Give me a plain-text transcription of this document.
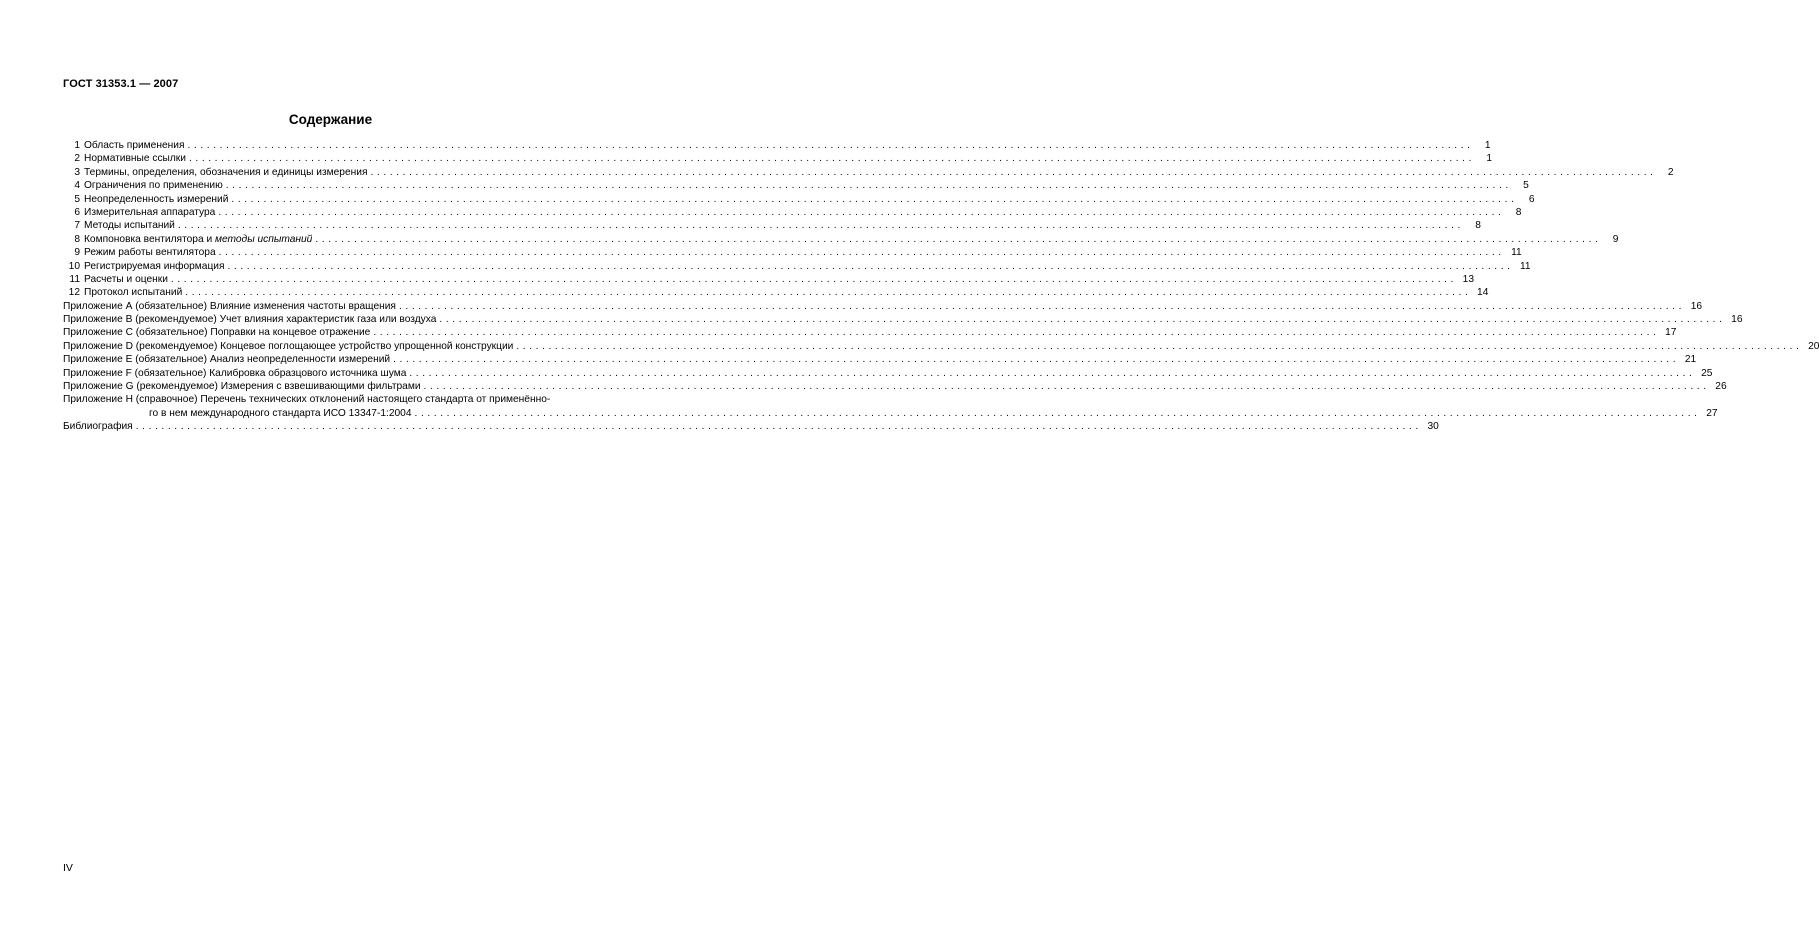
ГОСТ 31353.1 — 2007
Содержание
1 Область применения ........................................................................................................................................................................................................	1
2 Нормативные ссылки ........................................................................................................................................................................................................	1
3 Термины, определения, обозначения и единицы измерения ........................................................................................................................................................................................................	2
4 Ограничения по применению ........................................................................................................................................................................................................	5
5 Неопределенность измерений ........................................................................................................................................................................................................	6
6 Измерительная аппаратура ........................................................................................................................................................................................................	8
7 Методы испытаний ........................................................................................................................................................................................................	8
8 Компоновка вентилятора и методы испытаний ........................................................................................................................................................................................................	9
9 Режим работы вентилятора ........................................................................................................................................................................................................ 11
10 Регистрируемая информация ........................................................................................................................................................................................................ 11
11 Расчеты и оценки ........................................................................................................................................................................................................ 13
12 Протокол испытаний ........................................................................................................................................................................................................ 14
Приложение А (обязательное) Влияние изменения частоты вращения ........................................................................................................................................................................................................ 16
Приложение В (рекомендуемое) Учет влияния характеристик газа или воздуха ........................................................................................................................................................................................................ 16
Приложение С (обязательное) Поправки на концевое отражение ........................................................................................................................................................................................................ 17
Приложение D (рекомендуемое) Концевое поглощающее устройство упрощенной конструкции ........................................................................................................................................................................................................ 20
Приложение Е (обязательное) Анализ неопределенности измерений ........................................................................................................................................................................................................ 21
Приложение F (обязательное) Калибровка образцового источника шума ........................................................................................................................................................................................................ 25
Приложение G (рекомендуемое) Измерения с взвешивающими фильтрами ........................................................................................................................................................................................................ 26
Приложение Н (справочное) Перечень технических отклонений настоящего стандарта от применённо-
го в нем международного стандарта ИСО 13347-1:2004 ........................................................................................................................................................................................................ 27
Библиография ........................................................................................................................................................................................................ 30
IV
